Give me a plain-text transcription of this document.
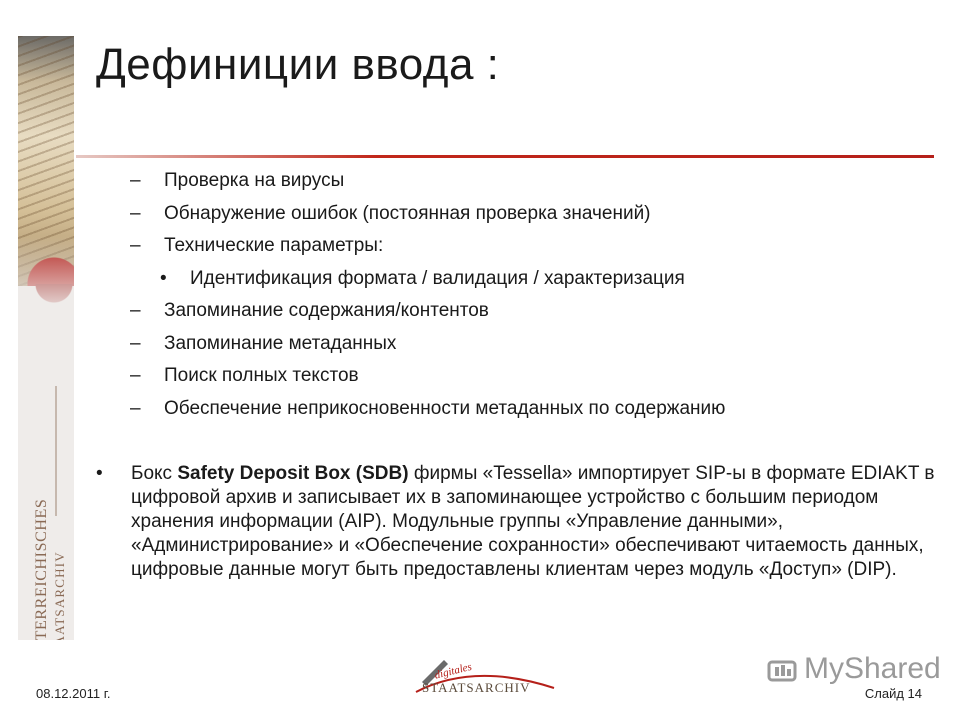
ÖSTERREICHISCHES STAATSARCHIV
Дефиниции ввода :
– Проверка на вирусы
– Обнаружение ошибок (постоянная проверка значений)
– Технические параметры:
• Идентификация формата / валидация / характеризация
– Запоминание содержания/контентов
– Запоминание метаданных
– Поиск полных текстов
– Обеспечение неприкосновенности метаданных по содержанию
•	Бокс Safety Deposit Box (SDB) фирмы «Tessella» импортирует SIP-ы в формате EDIAKT в цифровой архив и записывает их в запоминающее устройство с большим периодом хранения информации (AIP). Модульные группы «Управление данными», «Администрирование» и «Обеспечение сохранности» обеспечивают читаемость данных, цифровые данные могут быть предоставлены клиентам через модуль «Доступ» (DIP).
08.12.2011 г.
digitales
STAATSARCHIV
MyShared
Слайд 14
